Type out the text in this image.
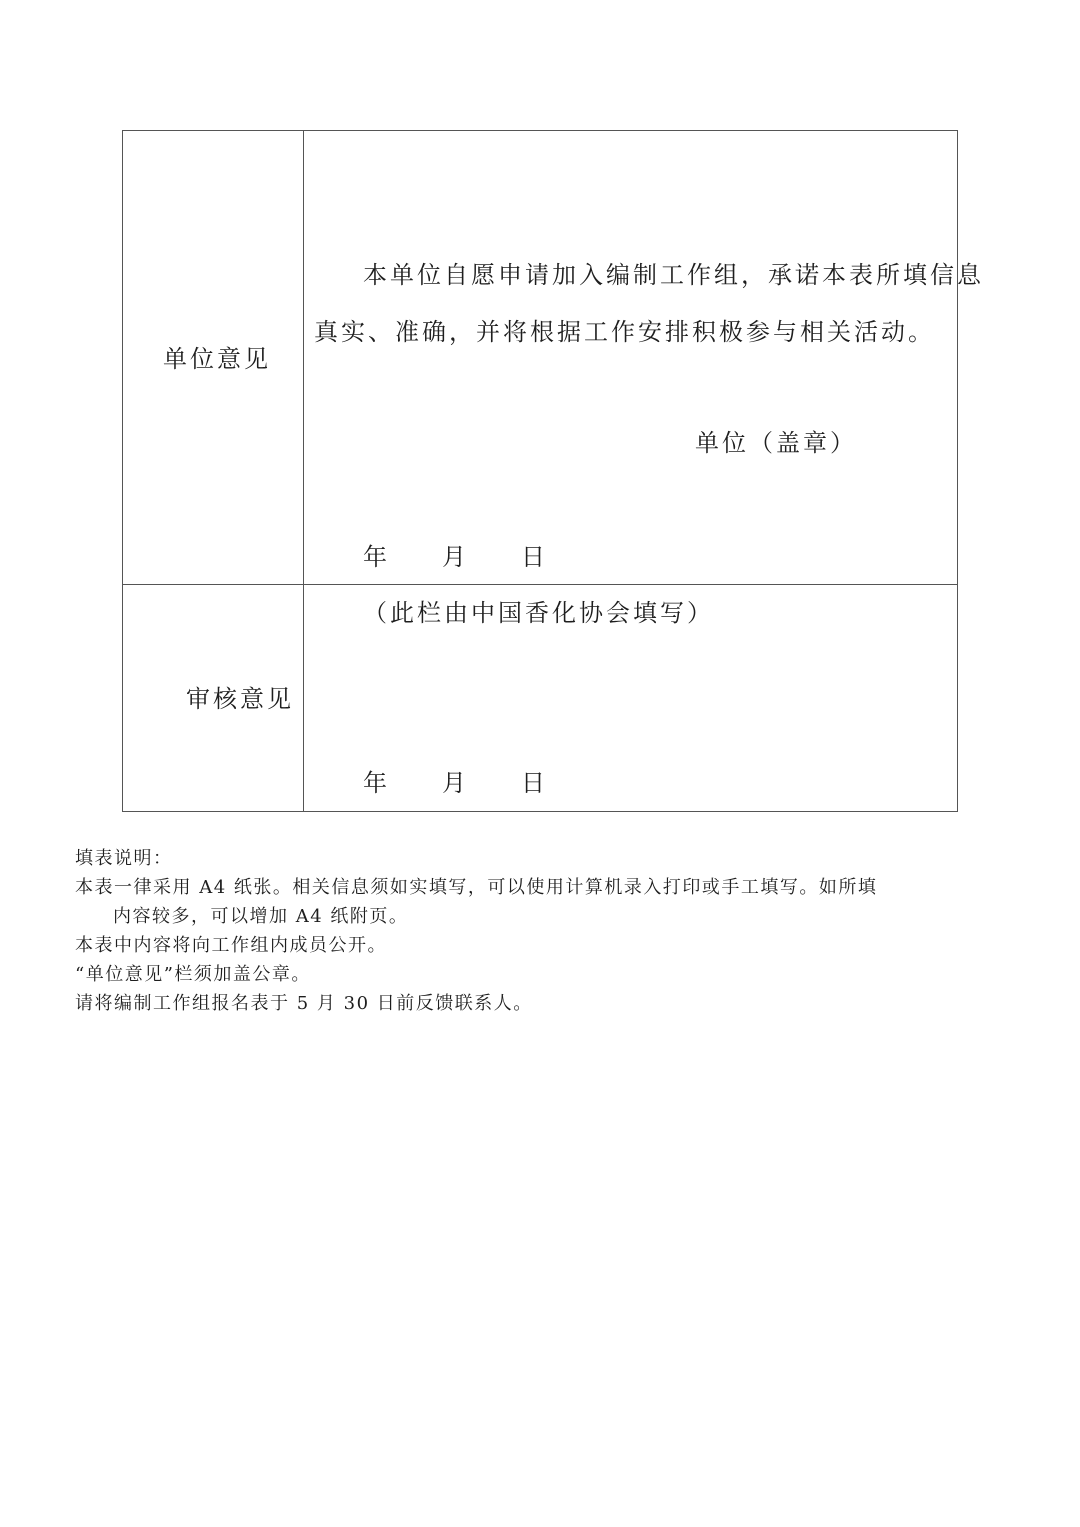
单位意见
本单位自愿申请加入编制工作组，承诺本表所填信息
真实、准确，并将根据工作安排积极参与相关活动。
单位（盖章）
年 月 日
审核意见
（此栏由中国香化协会填写）
年 月 日
填表说明：
本表一律采用 A4 纸张。相关信息须如实填写，可以使用计算机录入打印或手工填写。如所填
内容较多，可以增加 A4 纸附页。
本表中内容将向工作组内成员公开。
“单位意见”栏须加盖公章。
请将编制工作组报名表于 5 月 30 日前反馈联系人。
